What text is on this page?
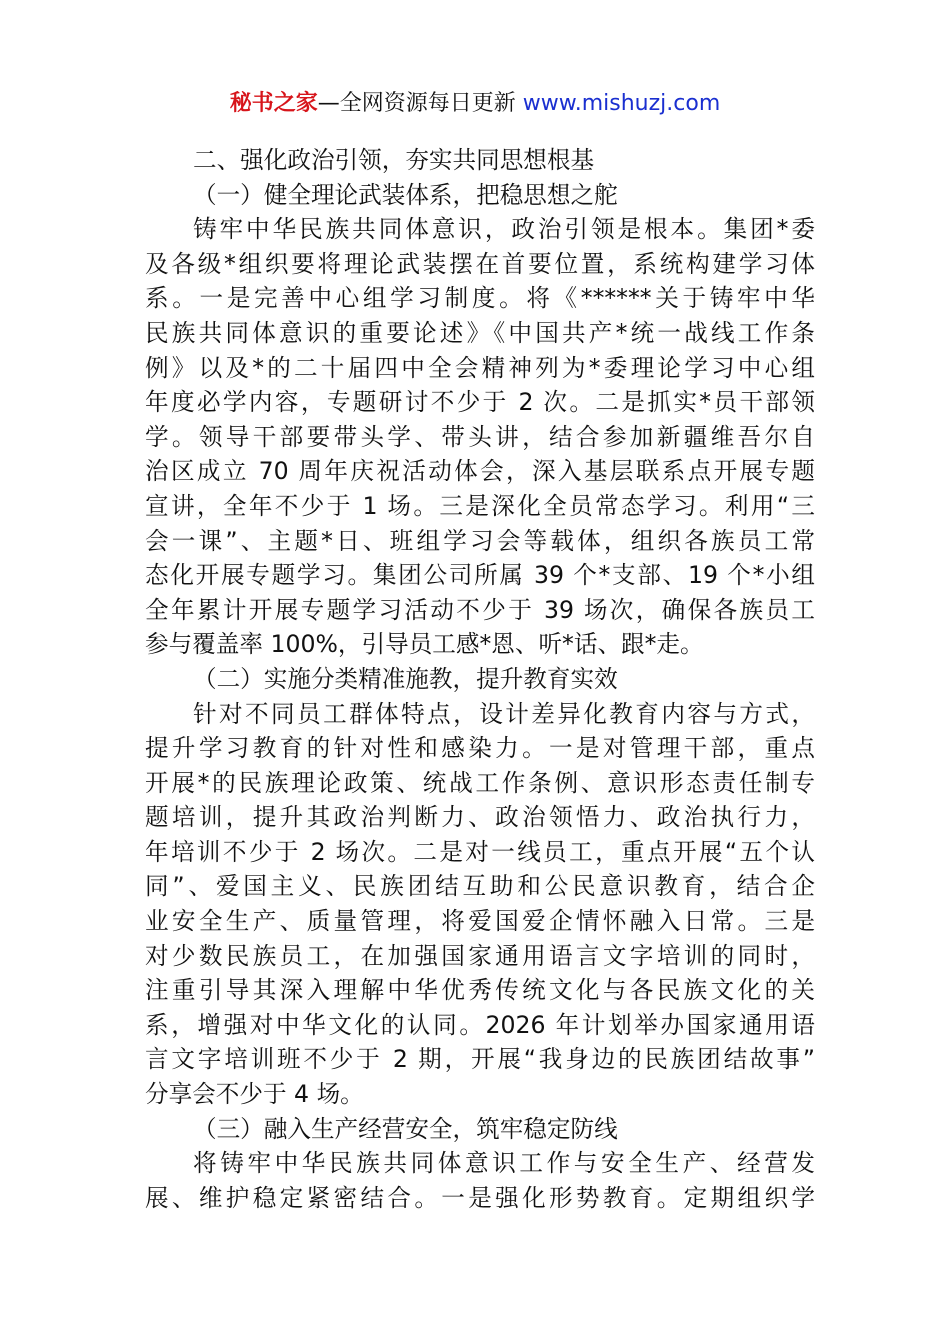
秘书之家—全网资源每日更新 www.mishuzj.com
二、强化政治引领，夯实共同思想根基
（一）健全理论武装体系，把稳思想之舵
铸牢中华民族共同体意识，政治引领是根本。集团*委
及各级*组织要将理论武装摆在首要位置，系统构建学习体
系。一是完善中心组学习制度。将《******关于铸牢中华
民族共同体意识的重要论述》《中国共产*统一战线工作条
例》以及*的二十届四中全会精神列为*委理论学习中心组
年度必学内容，专题研讨不少于 2 次。二是抓实*员干部领
学。领导干部要带头学、带头讲，结合参加新疆维吾尔自
治区成立 70 周年庆祝活动体会，深入基层联系点开展专题
宣讲，全年不少于 1 场。三是深化全员常态学习。利用“三
会一课”、主题*日、班组学习会等载体，组织各族员工常
态化开展专题学习。集团公司所属 39 个*支部、19 个*小组
全年累计开展专题学习活动不少于 39 场次，确保各族员工
参与覆盖率 100%，引导员工感*恩、听*话、跟*走。
（二）实施分类精准施教，提升教育实效
针对不同员工群体特点，设计差异化教育内容与方式，
提升学习教育的针对性和感染力。一是对管理干部，重点
开展*的民族理论政策、统战工作条例、意识形态责任制专
题培训，提升其政治判断力、政治领悟力、政治执行力，
年培训不少于 2 场次。二是对一线员工，重点开展“五个认
同”、爱国主义、民族团结互助和公民意识教育，结合企
业安全生产、质量管理，将爱国爱企情怀融入日常。三是
对少数民族员工，在加强国家通用语言文字培训的同时，
注重引导其深入理解中华优秀传统文化与各民族文化的关
系，增强对中华文化的认同。2026 年计划举办国家通用语
言文字培训班不少于 2 期，开展“我身边的民族团结故事”
分享会不少于 4 场。
（三）融入生产经营安全，筑牢稳定防线
将铸牢中华民族共同体意识工作与安全生产、经营发
展、维护稳定紧密结合。一是强化形势教育。定期组织学
